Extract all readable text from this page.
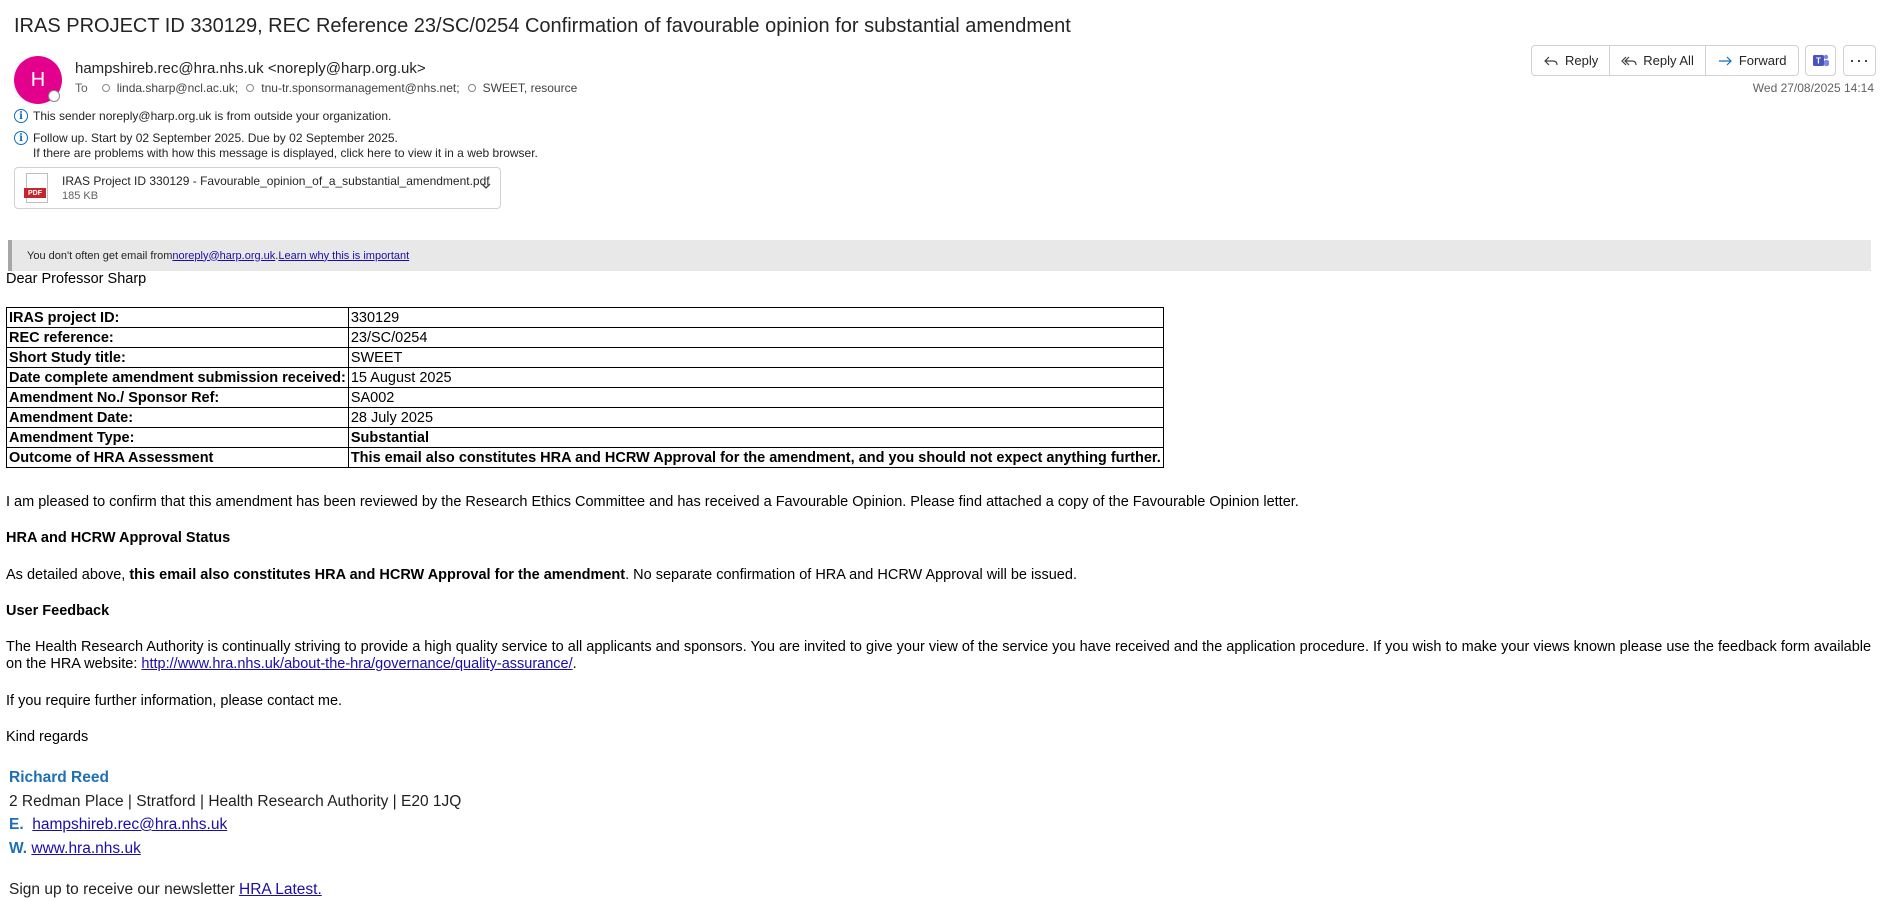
IRAS PROJECT ID 330129, REC Reference 23/SC/0254 Confirmation of favourable opinion for substantial amendment
H hampshireb.rec@hra.nhs.uk <noreply@harp.org.uk>
To linda.sharp@ncl.ac.uk; tnu-tr.sponsormanagement@nhs.net; SWEET, resource
Reply	Reply All	Forward	T ···
Wed 27/08/2025 14:14
i This sender noreply@harp.org.uk is from outside your organization.
i Follow up. Start by 02 September 2025. Due by 02 September 2025.
If there are problems with how this message is displayed, click here to view it in a web browser.
PDF
IRAS Project ID 330129 - Favourable_opinion_of_a_substantial_amendment.pdf
185 KB
You don't often get email from noreply@harp.org.uk . Learn why this is important

Dear Professor Sharp

IRAS project ID:	330129
REC reference:	23/SC/0254
Short Study title:	SWEET
Date complete amendment submission received:	15 August 2025
Amendment No./ Sponsor Ref:	SA002
Amendment Date:	28 July 2025
Amendment Type:	Substantial
Outcome of HRA Assessment	This email also constitutes HRA and HCRW Approval for the amendment, and you should not expect anything further.

I am pleased to confirm that this amendment has been reviewed by the Research Ethics Committee and has received a Favourable Opinion. Please find attached a copy of the Favourable Opinion letter.

HRA and HCRW Approval Status

As detailed above, this email also constitutes HRA and HCRW Approval for the amendment. No separate confirmation of HRA and HCRW Approval will be issued.

User Feedback

The Health Research Authority is continually striving to provide a high quality service to all applicants and sponsors. You are invited to give your view of the service you have received and the application procedure. If you wish to make your views known please use the feedback form available on the HRA website: http://www.hra.nhs.uk/about-the-hra/governance/quality-assurance/.

If you require further information, please contact me.

Kind regards

Richard Reed
2 Redman Place | Stratford | Health Research Authority | E20 1JQ
E. hampshireb.rec@hra.nhs.uk
W. www.hra.nhs.uk
Sign up to receive our newsletter HRA Latest.
